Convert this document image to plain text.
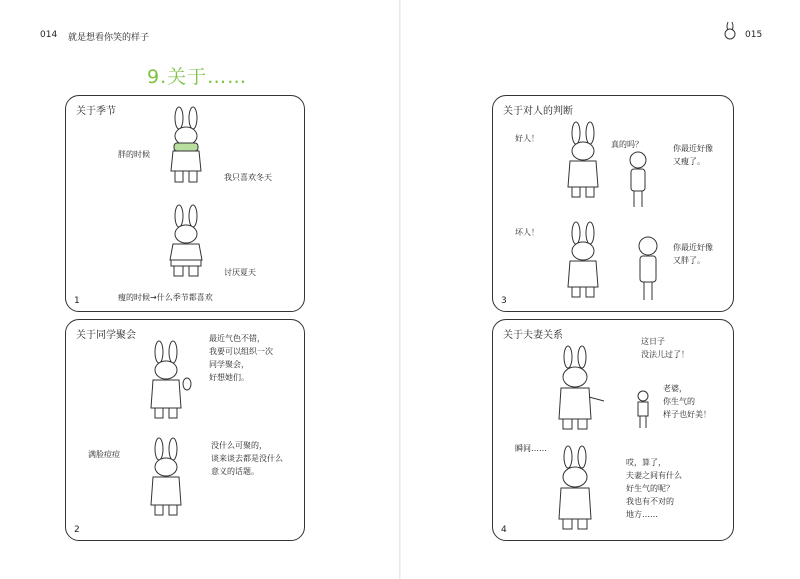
014 就是想看你笑的样子	015
9.关于……
关于季节
胖的时候
我只喜欢冬天
讨厌夏天
瘦的时候→什么季节都喜欢
1
关于同学聚会	最近气色不错，
我要可以组织一次
同学聚会，
好想她们。
满脸痘痘
没什么可聚的，
谈来谈去都是没什么
意义的话题。
2
关于对人的判断
好人！
真的吗？	你最近好像
又瘦了。
坏人！
你最近好像
又胖了。
3
关于夫妻关系
这日子
没法儿过了！
老婆，
你生气的
样子也好美！
瞬间……
哎，算了，
夫妻之间有什么
好生气的呢？
我也有不对的
地方……
4
